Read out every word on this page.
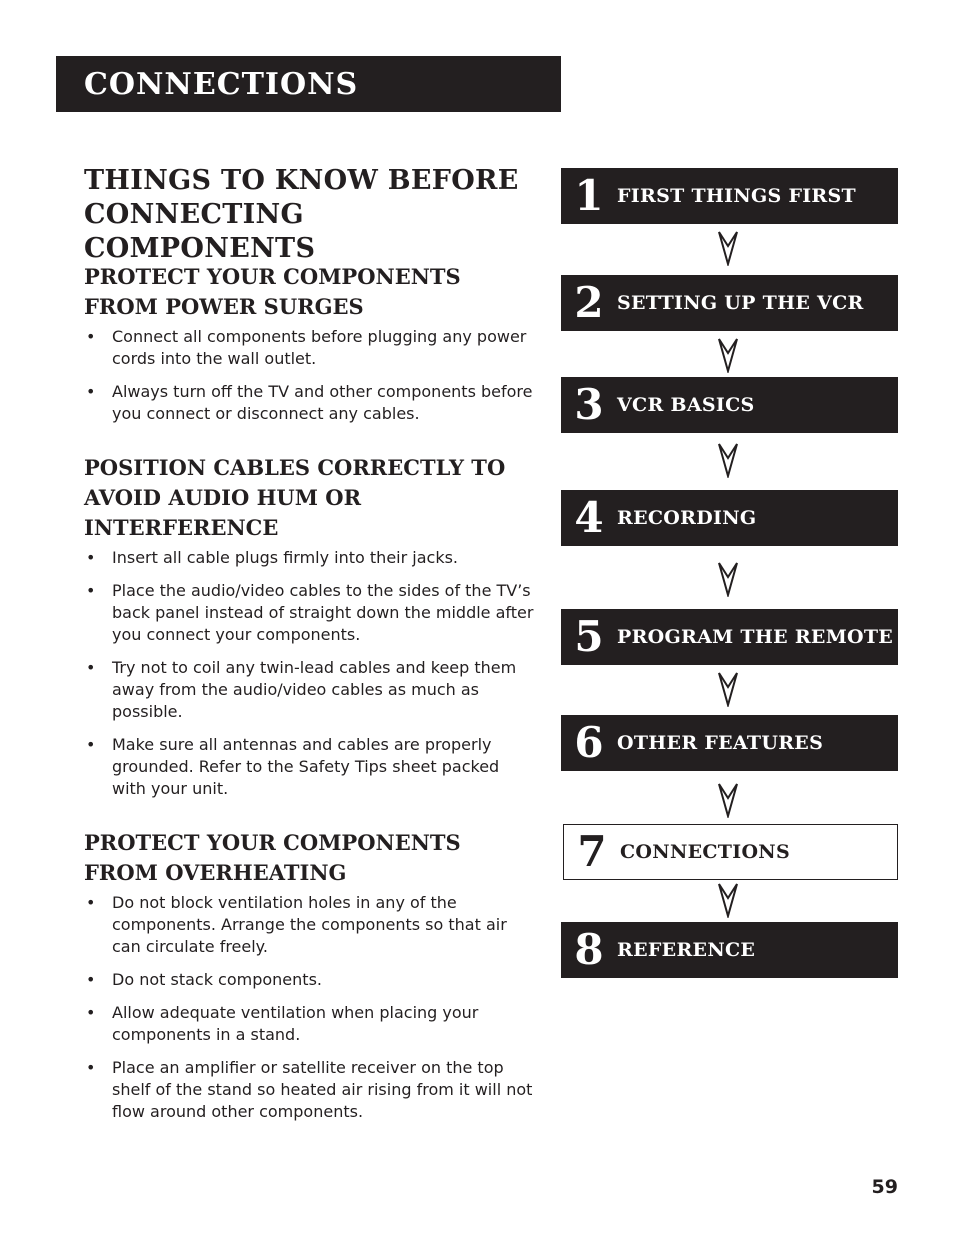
CONNECTIONS
THINGS TO KNOW BEFORE CONNECTING COMPONENTS
PROTECT YOUR COMPONENTS FROM POWER SURGES
• Connect all components before plugging any power cords into the wall outlet.
• Always turn off the TV and other components before you connect or disconnect any cables.
POSITION CABLES CORRECTLY TO AVOID AUDIO HUM OR INTERFERENCE
• Insert all cable plugs firmly into their jacks.
• Place the audio/video cables to the sides of the TV’s back panel instead of straight down the middle after you connect your components.
• Try not to coil any twin-lead cables and keep them away from the audio/video cables as much as possible.
• Make sure all antennas and cables are properly grounded. Refer to the Safety Tips sheet packed with your unit.
PROTECT YOUR COMPONENTS FROM OVERHEATING
• Do not block ventilation holes in any of the components. Arrange the components so that air can circulate freely.
• Do not stack components.
• Allow adequate ventilation when placing your components in a stand.
• Place an amplifier or satellite receiver on the top shelf of the stand so heated air rising from it will not flow around other components.
1 FIRST THINGS FIRST
2 SETTING UP THE VCR
3 VCR BASICS
4 RECORDING
5 PROGRAM THE REMOTE
6 OTHER FEATURES
7 CONNECTIONS
8 REFERENCE
59
